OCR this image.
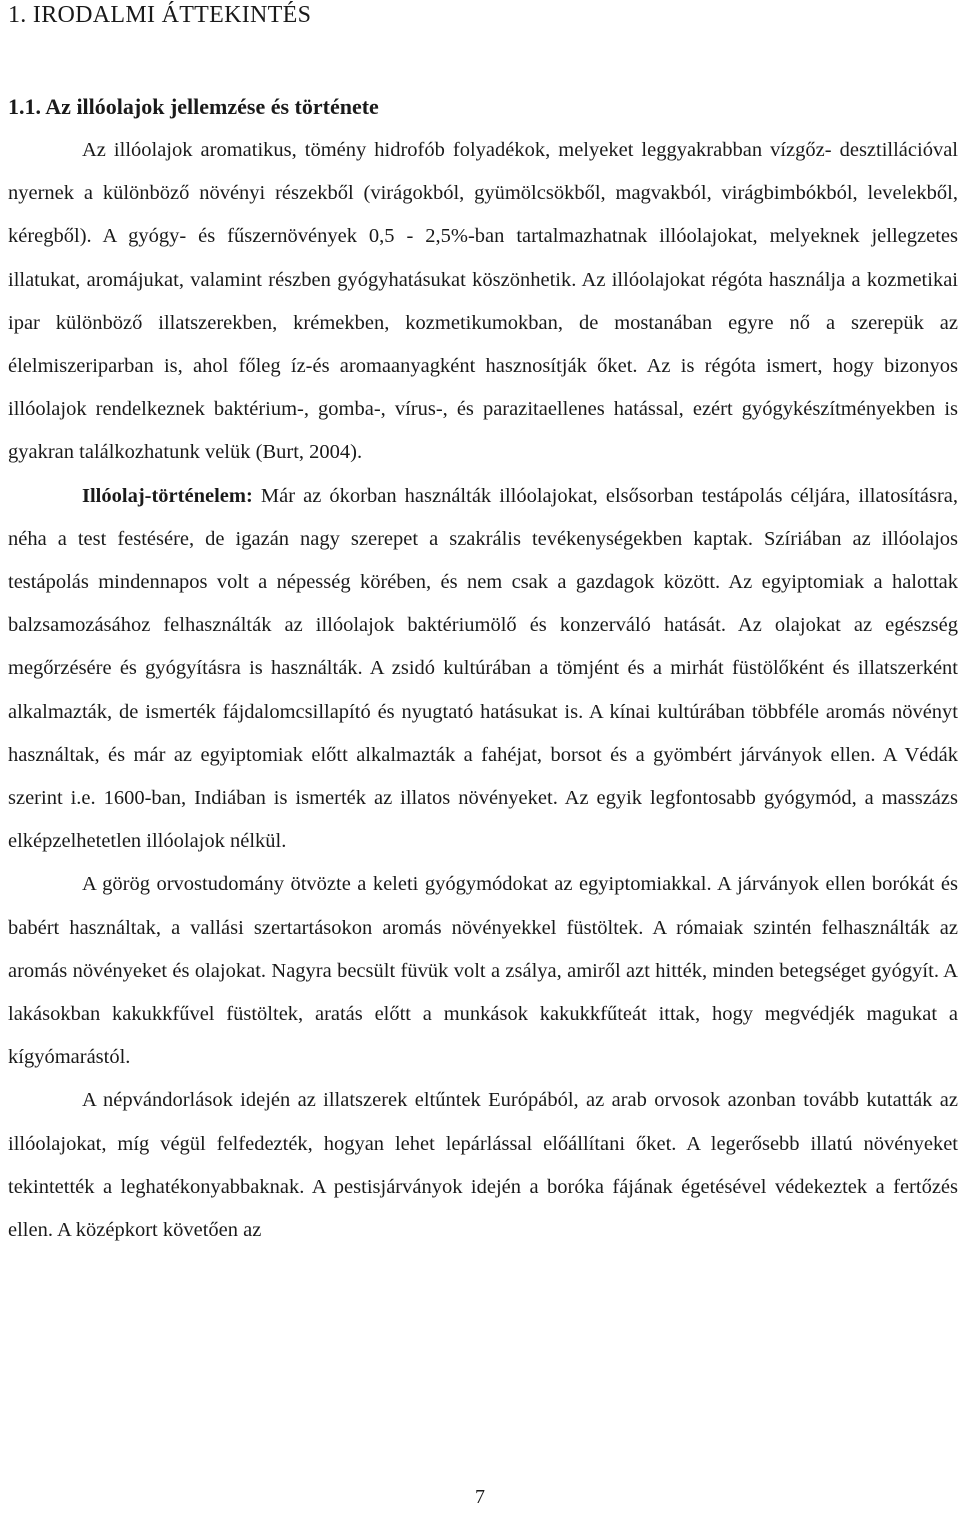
1. IRODALMI ÁTTEKINTÉS
1.1. Az illóolajok jellemzése és története

Az illóolajok aromatikus, tömény hidrofób folyadékok, melyeket leggyakrabban vízgőz- desztillációval nyernek a különböző növényi részekből (virágokból, gyümölcsökből, magvakból, virágbimbókból, levelekből, kéregből). A gyógy- és fűszernövények 0,5 - 2,5%-ban tartalmazhatnak illóolajokat, melyeknek jellegzetes illatukat, aromájukat, valamint részben gyógyhatásukat köszönhetik. Az illóolajokat régóta használja a kozmetikai ipar különböző illatszerekben, krémekben, kozmetikumokban, de mostanában egyre nő a szerepük az élelmiszeriparban is, ahol főleg íz-és aromaanyagként hasznosítják őket. Az is régóta ismert, hogy bizonyos illóolajok rendelkeznek baktérium-, gomba-, vírus-, és parazitaellenes hatással, ezért gyógykészítményekben is gyakran találkozhatunk velük (Burt, 2004).

Illóolaj-történelem: Már az ókorban használták illóolajokat, elsősorban testápolás céljára, illatosításra, néha a test festésére, de igazán nagy szerepet a szakrális tevékenységekben kaptak. Szíriában az illóolajos testápolás mindennapos volt a népesség körében, és nem csak a gazdagok között. Az egyiptomiak a halottak balzsamozásához felhasználták az illóolajok baktériumölő és konzerváló hatását. Az olajokat az egészség megőrzésére és gyógyításra is használták. A zsidó kultúrában a tömjént és a mirhát füstölőként és illatszerként alkalmazták, de ismerték fájdalomcsillapító és nyugtató hatásukat is. A kínai kultúrában többféle aromás növényt használtak, és már az egyiptomiak előtt alkalmazták a fahéjat, borsot és a gyömbért járványok ellen. A Védák szerint i.e. 1600-ban, Indiában is ismerték az illatos növényeket. Az egyik legfontosabb gyógymód, a masszázs elképzelhetetlen illóolajok nélkül.

A görög orvostudomány ötvözte a keleti gyógymódokat az egyiptomiakkal. A járványok ellen borókát és babért használtak, a vallási szertartásokon aromás növényekkel füstöltek. A rómaiak szintén felhasználták az aromás növényeket és olajokat. Nagyra becsült füvük volt a zsálya, amiről azt hitték, minden betegséget gyógyít. A lakásokban kakukkfűvel füstöltek, aratás előtt a munkások kakukkfűteát ittak, hogy megvédjék magukat a kígyómarástól.

A népvándorlások idején az illatszerek eltűntek Európából, az arab orvosok azonban tovább kutatták az illóolajokat, míg végül felfedezték, hogyan lehet lepárlással előállítani őket. A legerősebb illatú növényeket tekintették a leghatékonyabbaknak. A pestisjárványok idején a boróka fájának égetésével védekeztek a fertőzés ellen. A középkort követően az

7
